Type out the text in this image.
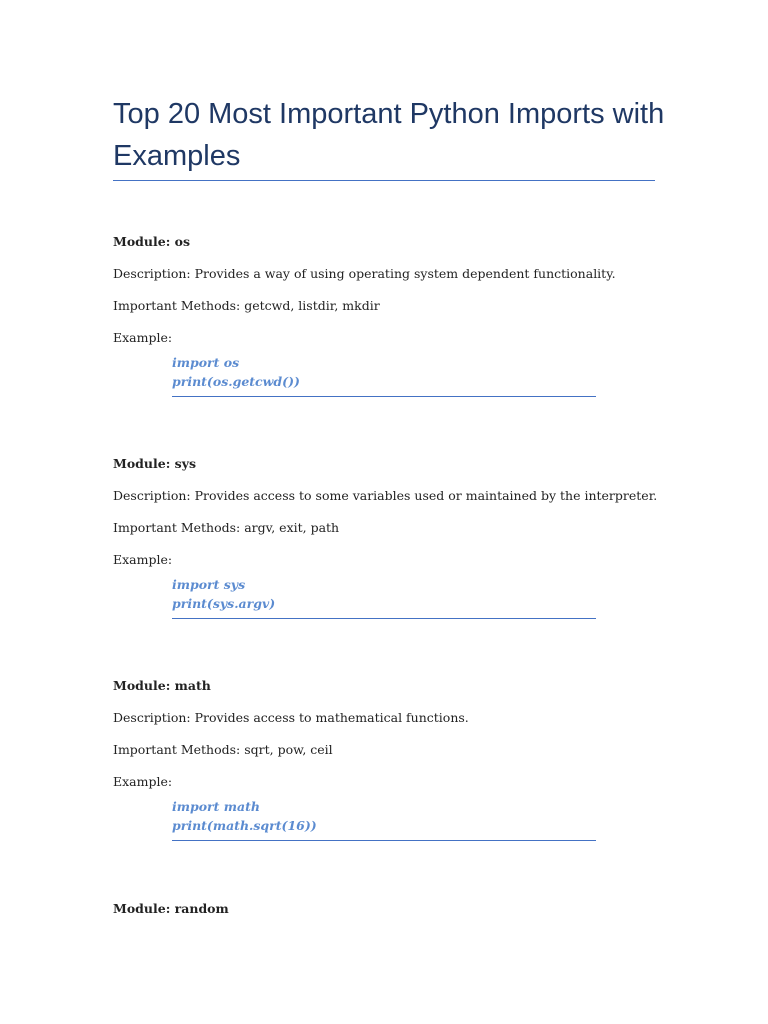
Top 20 Most Important Python Imports with Examples

Module: os

Description: Provides a way of using operating system dependent functionality.

Important Methods: getcwd, listdir, mkdir

Example:

import os

print(os.getcwd())

Module: sys

Description: Provides access to some variables used or maintained by the interpreter.

Important Methods: argv, exit, path

Example:

import sys

print(sys.argv)

Module: math

Description: Provides access to mathematical functions.

Important Methods: sqrt, pow, ceil

Example:

import math

print(math.sqrt(16))

Module: random
